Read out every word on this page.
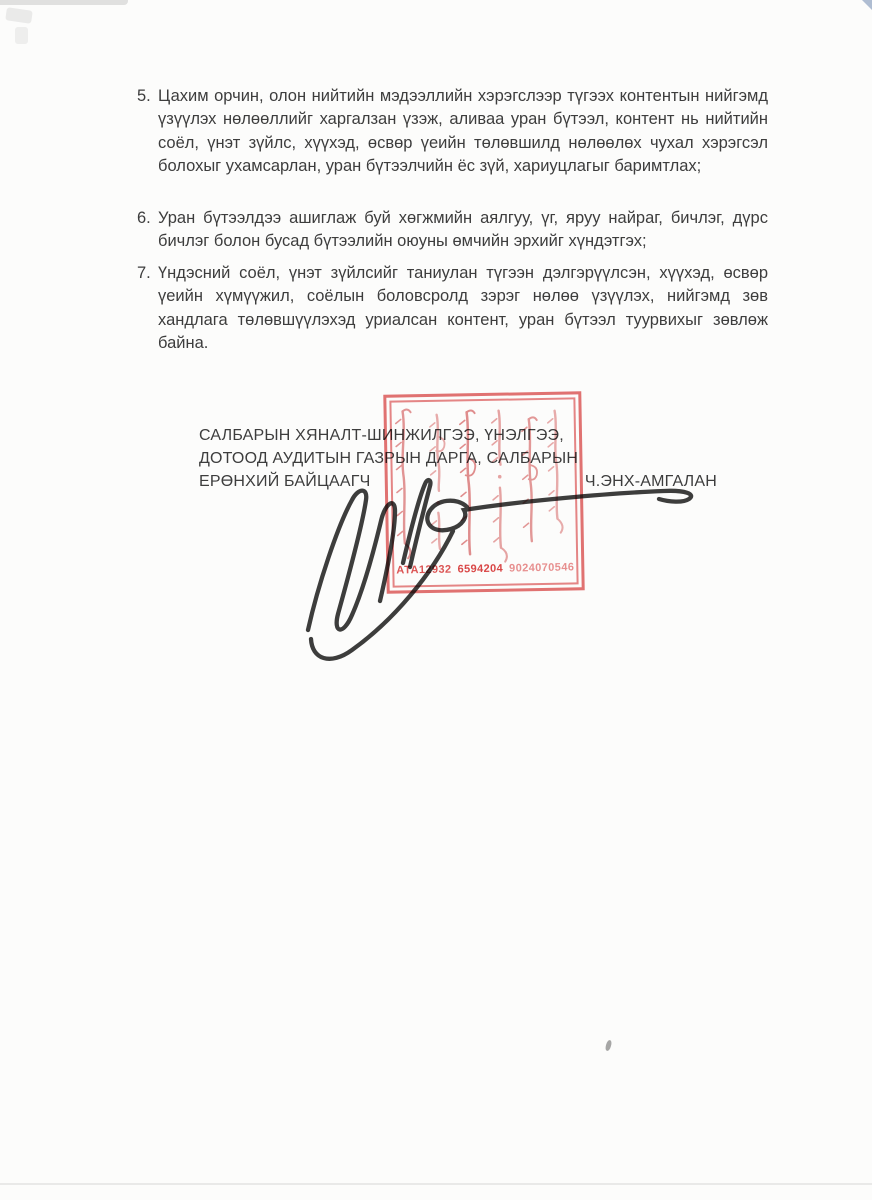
5. Цахим орчин, олон нийтийн мэдээллийн хэрэгслээр түгээх контентын нийгэмд үзүүлэх нөлөөллийг харгалзан үзэж, аливаа уран бүтээл, контент нь нийтийн соёл, үнэт зүйлс, хүүхэд, өсвөр үеийн төлөвшилд нөлөөлөх чухал хэрэгсэл болохыг ухамсарлан, уран бүтээлчийн ёс зүй, хариуцлагыг баримтлах;
6. Уран бүтээлдээ ашиглаж буй хөгжмийн аялгуу, үг, яруу найраг, бичлэг, дүрс бичлэг болон бусад бүтээлийн оюуны өмчийн эрхийг хүндэтгэх;
7. Үндэсний соёл, үнэт зүйлсийг таниулан түгээн дэлгэрүүлсэн, хүүхэд, өсвөр үеийн хүмүүжил, соёлын боловсролд зэрэг нөлөө үзүүлэх, нийгэмд зөв хандлага төлөвшүүлэхэд уриалсан контент, уран бүтээл туурвихыг зөвлөж байна.
САЛБАРЫН ХЯНАЛТ-ШИНЖИЛГЭЭ, ҮНЭЛГЭЭ,
ДОТООД АУДИТЫН ГАЗРЫН ДАРГА, САЛБАРЫН
ЕРӨНХИЙ БАЙЦААГЧ	Ч.ЭНХ-АМГАЛАН
АТА12932 6594204 9024070546
